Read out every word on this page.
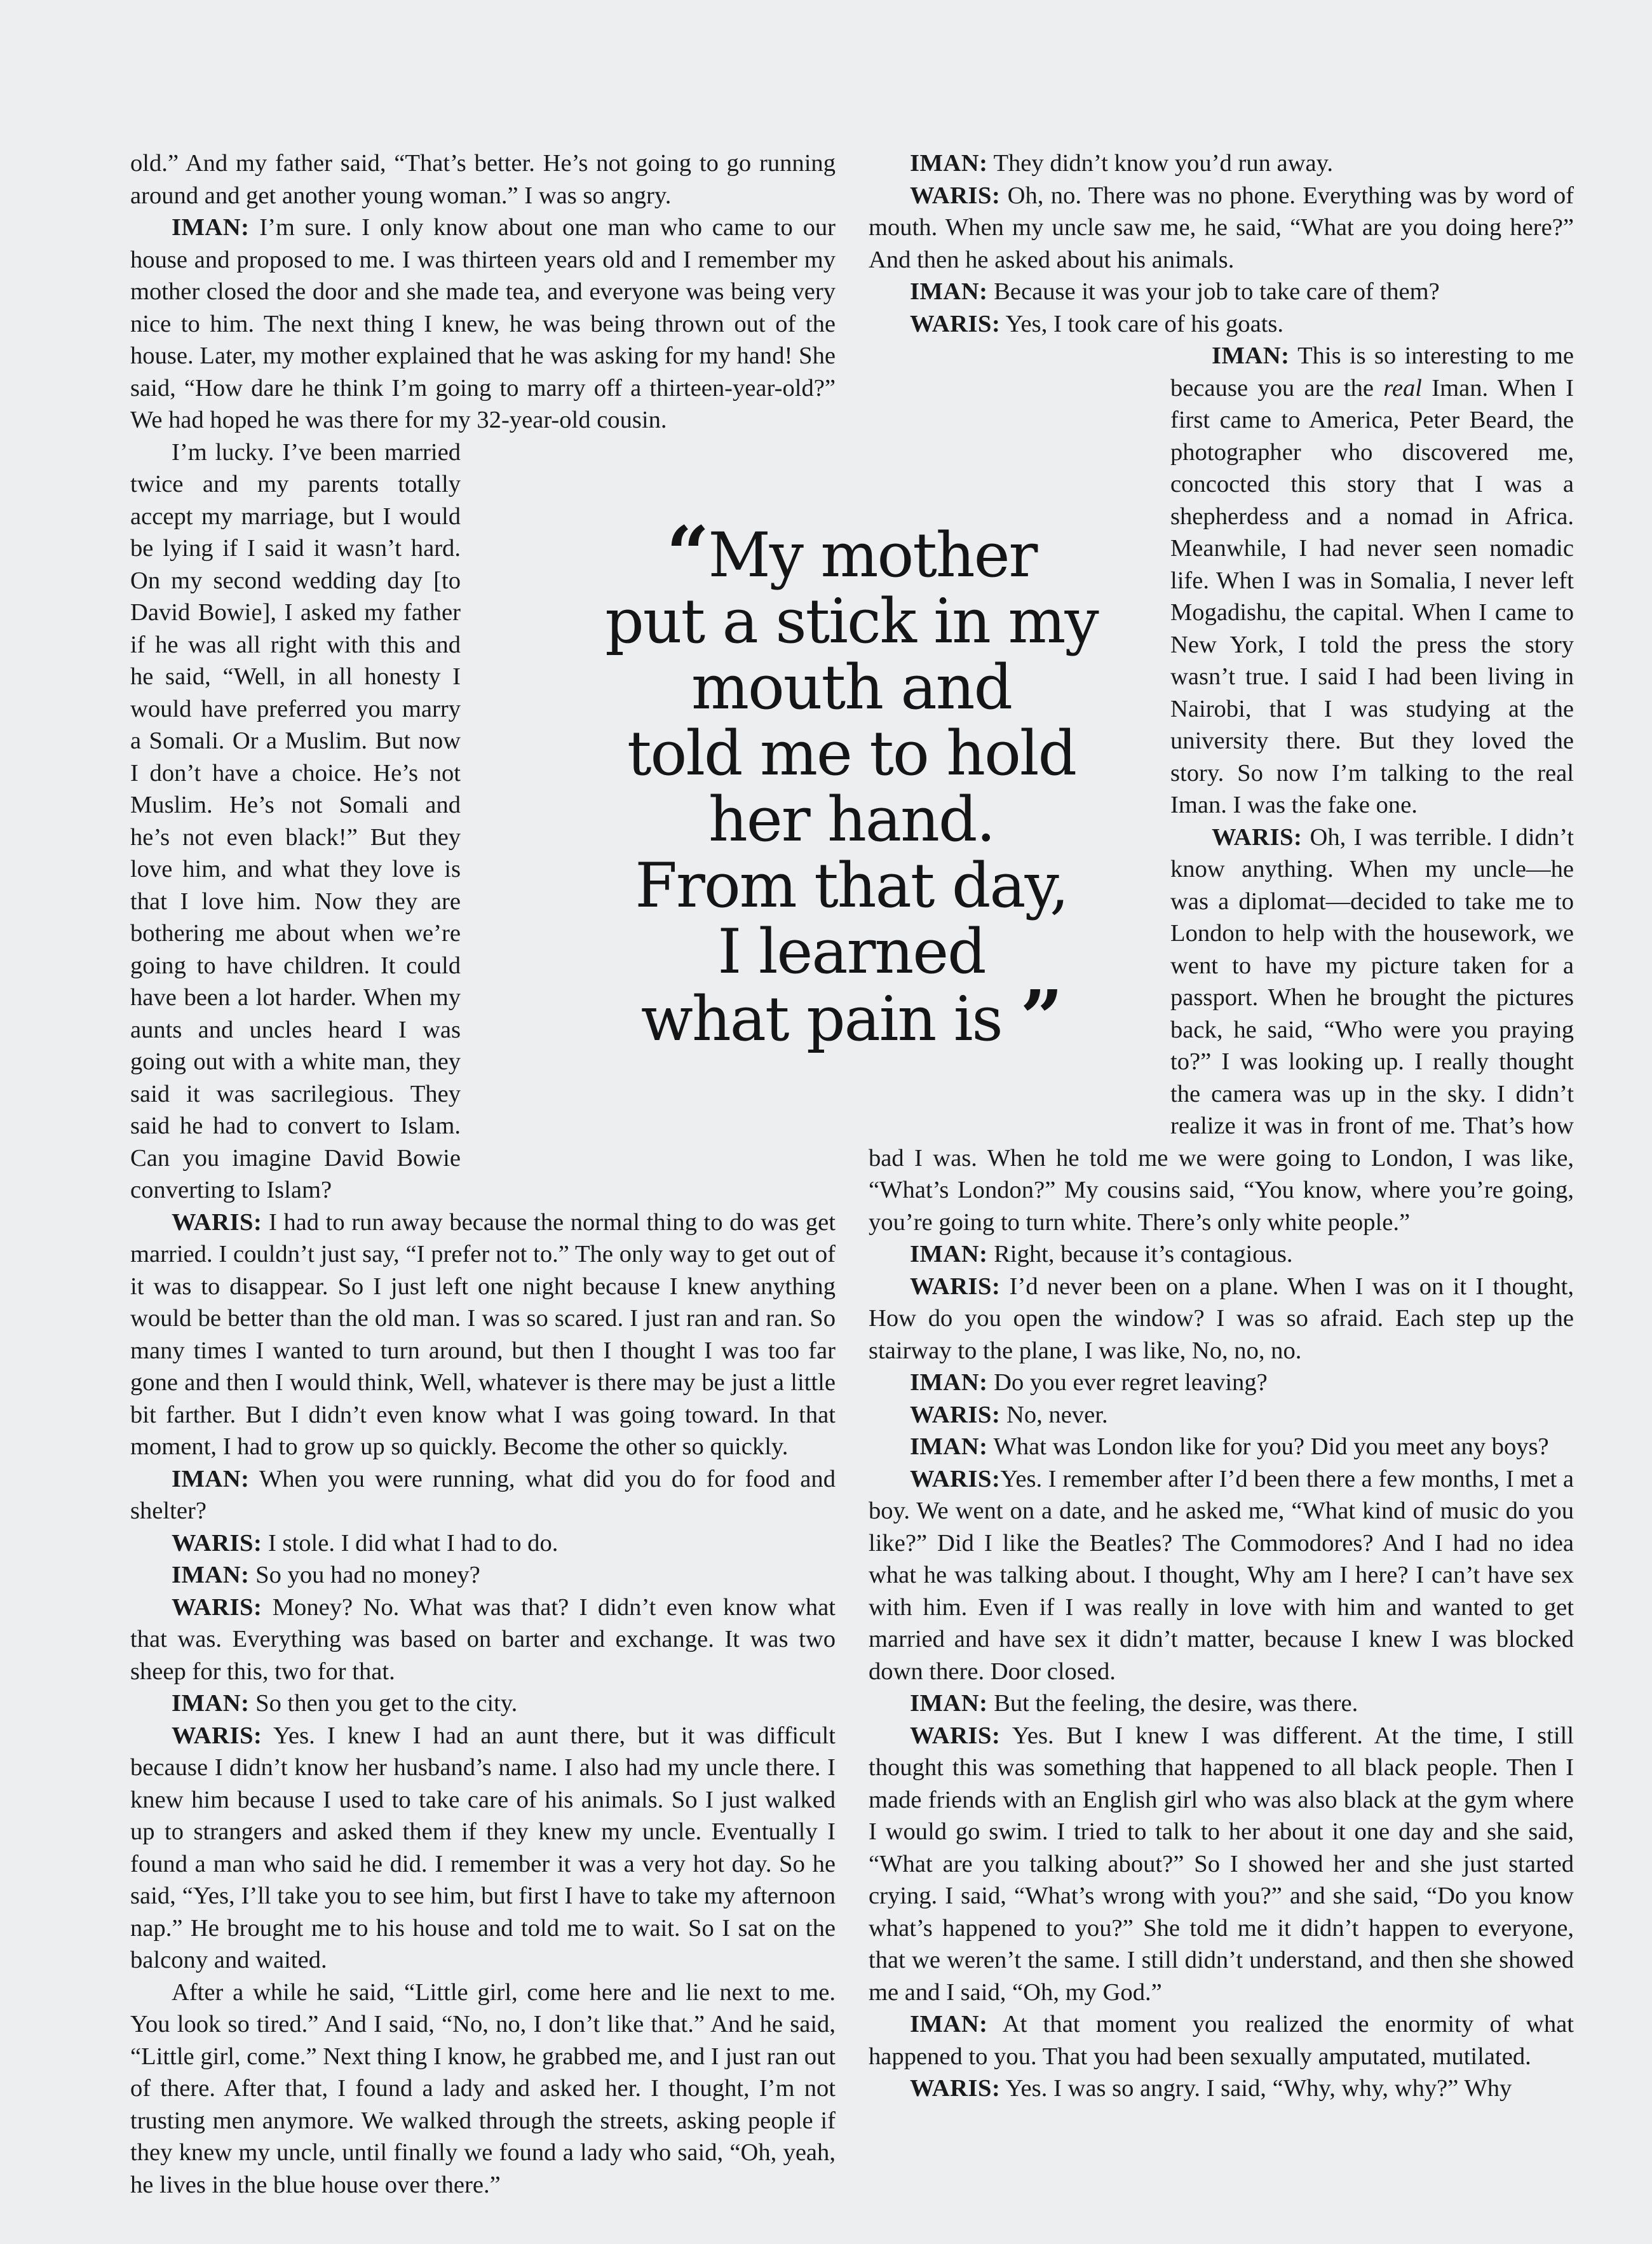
old.” And my father said, “That’s better. He’s not going to go running around and get another young woman.” I was so angry.

IMAN: I’m sure. I only know about one man who came to our house and proposed to me. I was thirteen years old and I remember my mother closed the door and she made tea, and everyone was being very nice to him. The next thing I knew, he was being thrown out of the house. Later, my mother explained that he was asking for my hand! She said, “How dare he think I’m going to marry off a thirteen-year-old?” We had hoped he was there for my 32-year-old cousin.

I’m lucky. I’ve been married twice and my parents totally accept my marriage, but I would be lying if I said it wasn’t hard. On my second wedding day [to David Bowie], I asked my father if he was all right with this and he said, “Well, in all honesty I would have preferred you marry a Somali. Or a Muslim. But now I don’t have a choice. He’s not Muslim. He’s not Somali and he’s not even black!” But they love him, and what they love is that I love him. Now they are bothering me about when we’re going to have children. It could have been a lot harder. When my aunts and uncles heard I was going out with a white man, they said it was sacrilegious. They said he had to convert to Islam. Can you imagine David Bowie converting to Islam?

WARIS: I had to run away because the normal thing to do was get married. I couldn’t just say, “I prefer not to.” The only way to get out of it was to disappear. So I just left one night because I knew anything would be better than the old man. I was so scared. I just ran and ran. So many times I wanted to turn around, but then I thought I was too far gone and then I would think, Well, whatever is there may be just a little bit farther. But I didn’t even know what I was going toward. In that moment, I had to grow up so quickly. Become the other so quickly.

IMAN: When you were running, what did you do for food and shelter?

WARIS: I stole. I did what I had to do.

IMAN: So you had no money?

WARIS: Money? No. What was that? I didn’t even know what that was. Everything was based on barter and exchange. It was two sheep for this, two for that.

IMAN: So then you get to the city.

WARIS: Yes. I knew I had an aunt there, but it was difficult because I didn’t know her husband’s name. I also had my uncle there. I knew him because I used to take care of his animals. So I just walked up to strangers and asked them if they knew my uncle. Eventually I found a man who said he did. I remember it was a very hot day. So he said, “Yes, I’ll take you to see him, but first I have to take my afternoon nap.” He brought me to his house and told me to wait. So I sat on the balcony and waited.

After a while he said, “Little girl, come here and lie next to me. You look so tired.” And I said, “No, no, I don’t like that.” And he said, “Little girl, come.” Next thing I know, he grabbed me, and I just ran out of there. After that, I found a lady and asked her. I thought, I’m not trusting men anymore. We walked through the streets, asking people if they knew my uncle, until finally we found a lady who said, “Oh, yeah, he lives in the blue house over there.”

IMAN: They didn’t know you’d run away.

WARIS: Oh, no. There was no phone. Everything was by word of mouth. When my uncle saw me, he said, “What are you doing here?” And then he asked about his animals.

IMAN: Because it was your job to take care of them?

WARIS: Yes, I took care of his goats.

IMAN: This is so interesting to me because you are the real Iman. When I first came to America, Peter Beard, the photographer who discovered me, concocted this story that I was a shepherdess and a nomad in Africa. Meanwhile, I had never seen nomadic life. When I was in Somalia, I never left Mogadishu, the capital. When I came to New York, I told the press the story wasn’t true. I said I had been living in Nairobi, that I was studying at the university there. But they loved the story. So now I’m talking to the real Iman. I was the fake one.

WARIS: Oh, I was terrible. I didn’t know anything. When my uncle—he was a diplomat—decided to take me to London to help with the housework, we went to have my picture taken for a passport. When he brought the pictures back, he said, “Who were you praying to?” I was looking up. I really thought the camera was up in the sky. I didn’t realize it was in front of me. That’s how bad I was. When he told me we were going to London, I was like, “What’s London?” My cousins said, “You know, where you’re going, you’re going to turn white. There’s only white people.”

IMAN: Right, because it’s contagious.

WARIS: I’d never been on a plane. When I was on it I thought, How do you open the window? I was so afraid. Each step up the stairway to the plane, I was like, No, no, no.

IMAN: Do you ever regret leaving?

WARIS: No, never.

IMAN: What was London like for you? Did you meet any boys?

WARIS:Yes. I remember after I’d been there a few months, I met a boy. We went on a date, and he asked me, “What kind of music do you like?” Did I like the Beatles? The Commodores? And I had no idea what he was talking about. I thought, Why am I here? I can’t have sex with him. Even if I was really in love with him and wanted to get married and have sex it didn’t matter, because I knew I was blocked down there. Door closed.

IMAN: But the feeling, the desire, was there.

WARIS: Yes. But I knew I was different. At the time, I still thought this was something that happened to all black people. Then I made friends with an English girl who was also black at the gym where I would go swim. I tried to talk to her about it one day and she said, “What are you talking about?” So I showed her and she just started crying. I said, “What’s wrong with you?” and she said, “Do you know what’s happened to you?” She told me it didn’t happen to everyone, that we weren’t the same. I still didn’t understand, and then she showed me and I said, “Oh, my God.”

IMAN: At that moment you realized the enormity of what happened to you. That you had been sexually amputated, mutilated.

WARIS: Yes. I was so angry. I said, “Why, why, why?” Why

“My mother
put a stick in my
mouth and
told me to hold
her hand.
From that day,
I learned
what pain is ”
